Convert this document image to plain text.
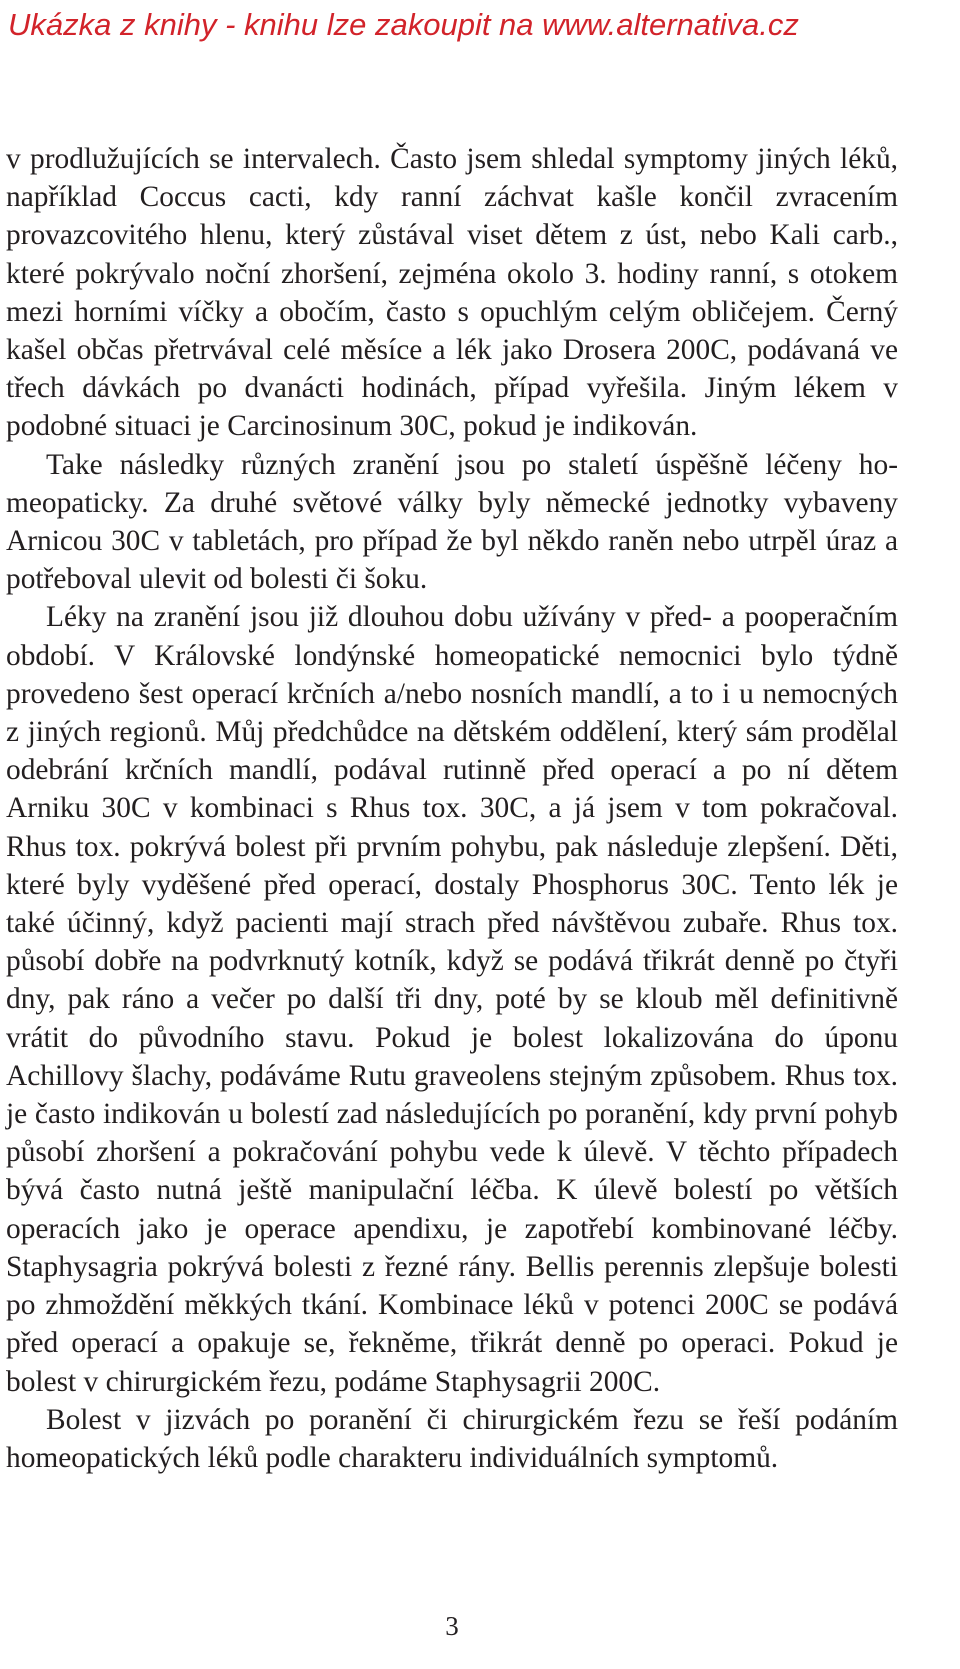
Ukázka z knihy - knihu lze zakoupit na www.alternativa.cz

v prodlužujících se intervalech. Často jsem shledal symptomy jiných léků, například Coccus cacti, kdy ranní záchvat kašle končil zvracením provazcovitého hlenu, který zůstával viset dětem z úst, nebo Kali carb., které pokrývalo noční zhoršení, zejména okolo 3. hodiny ranní, s otokem mezi horními víčky a obočím, často s opuchlým celým obličejem. Černý kašel občas přetrvával celé měsíce a lék jako Drosera 200C, podávaná ve třech dávkách po dvanácti hodinách, případ vyřešila. Jiným lékem v podobné situaci je Carcinosinum 30C, pokud je indikován.

Take následky různých zranění jsou po staletí úspěšně léčeny homeopaticky. Za druhé světové války byly německé jednotky vybaveny Arnicou 30C v tabletách, pro případ že byl někdo raněn nebo utrpěl úraz a potřeboval ulevit od bolesti či šoku.

Léky na zranění jsou již dlouhou dobu užívány v před- a pooperačním období. V Královské londýnské homeopatické nemocnici bylo týdně provedeno šest operací krčních a/nebo nosních mandlí, a to i u nemocných z jiných regionů. Můj předchůdce na dětském oddělení, který sám prodělal odebrání krčních mandlí, podával rutinně před operací a po ní dětem Arniku 30C v kombinaci s Rhus tox. 30C, a já jsem v tom pokračoval. Rhus tox. pokrývá bolest při prvním pohybu, pak následuje zlepšení. Děti, které byly vyděšené před operací, dostaly Phosphorus 30C. Tento lék je také účinný, když pacienti mají strach před návštěvou zubaře. Rhus tox. působí dobře na podvrknutý kotník, když se podává třikrát denně po čtyři dny, pak ráno a večer po další tři dny, poté by se kloub měl definitivně vrátit do původního stavu. Pokud je bolest lokalizována do úponu Achillovy šlachy, podáváme Rutu graveolens stejným způsobem. Rhus tox. je často indikován u bolestí zad následujících po poranění, kdy první pohyb působí zhoršení a pokračování pohybu vede k úlevě. V těchto případech bývá často nutná ještě manipulační léčba. K úlevě bolestí po větších operacích jako je operace apendixu, je zapotřebí kombinované léčby. Staphysagria pokrývá bolesti z řezné rány. Bellis perennis zlepšuje bolesti po zhmoždění měkkých tkání. Kombinace léků v potenci 200C se podává před operací a opakuje se, řekněme, třikrát denně po operaci. Pokud je bolest v chirurgickém řezu, podáme Staphysagrii 200C.

Bolest v jizvách po poranění či chirurgickém řezu se řeší podáním homeopatických léků podle charakteru individuálních symptomů.

3
